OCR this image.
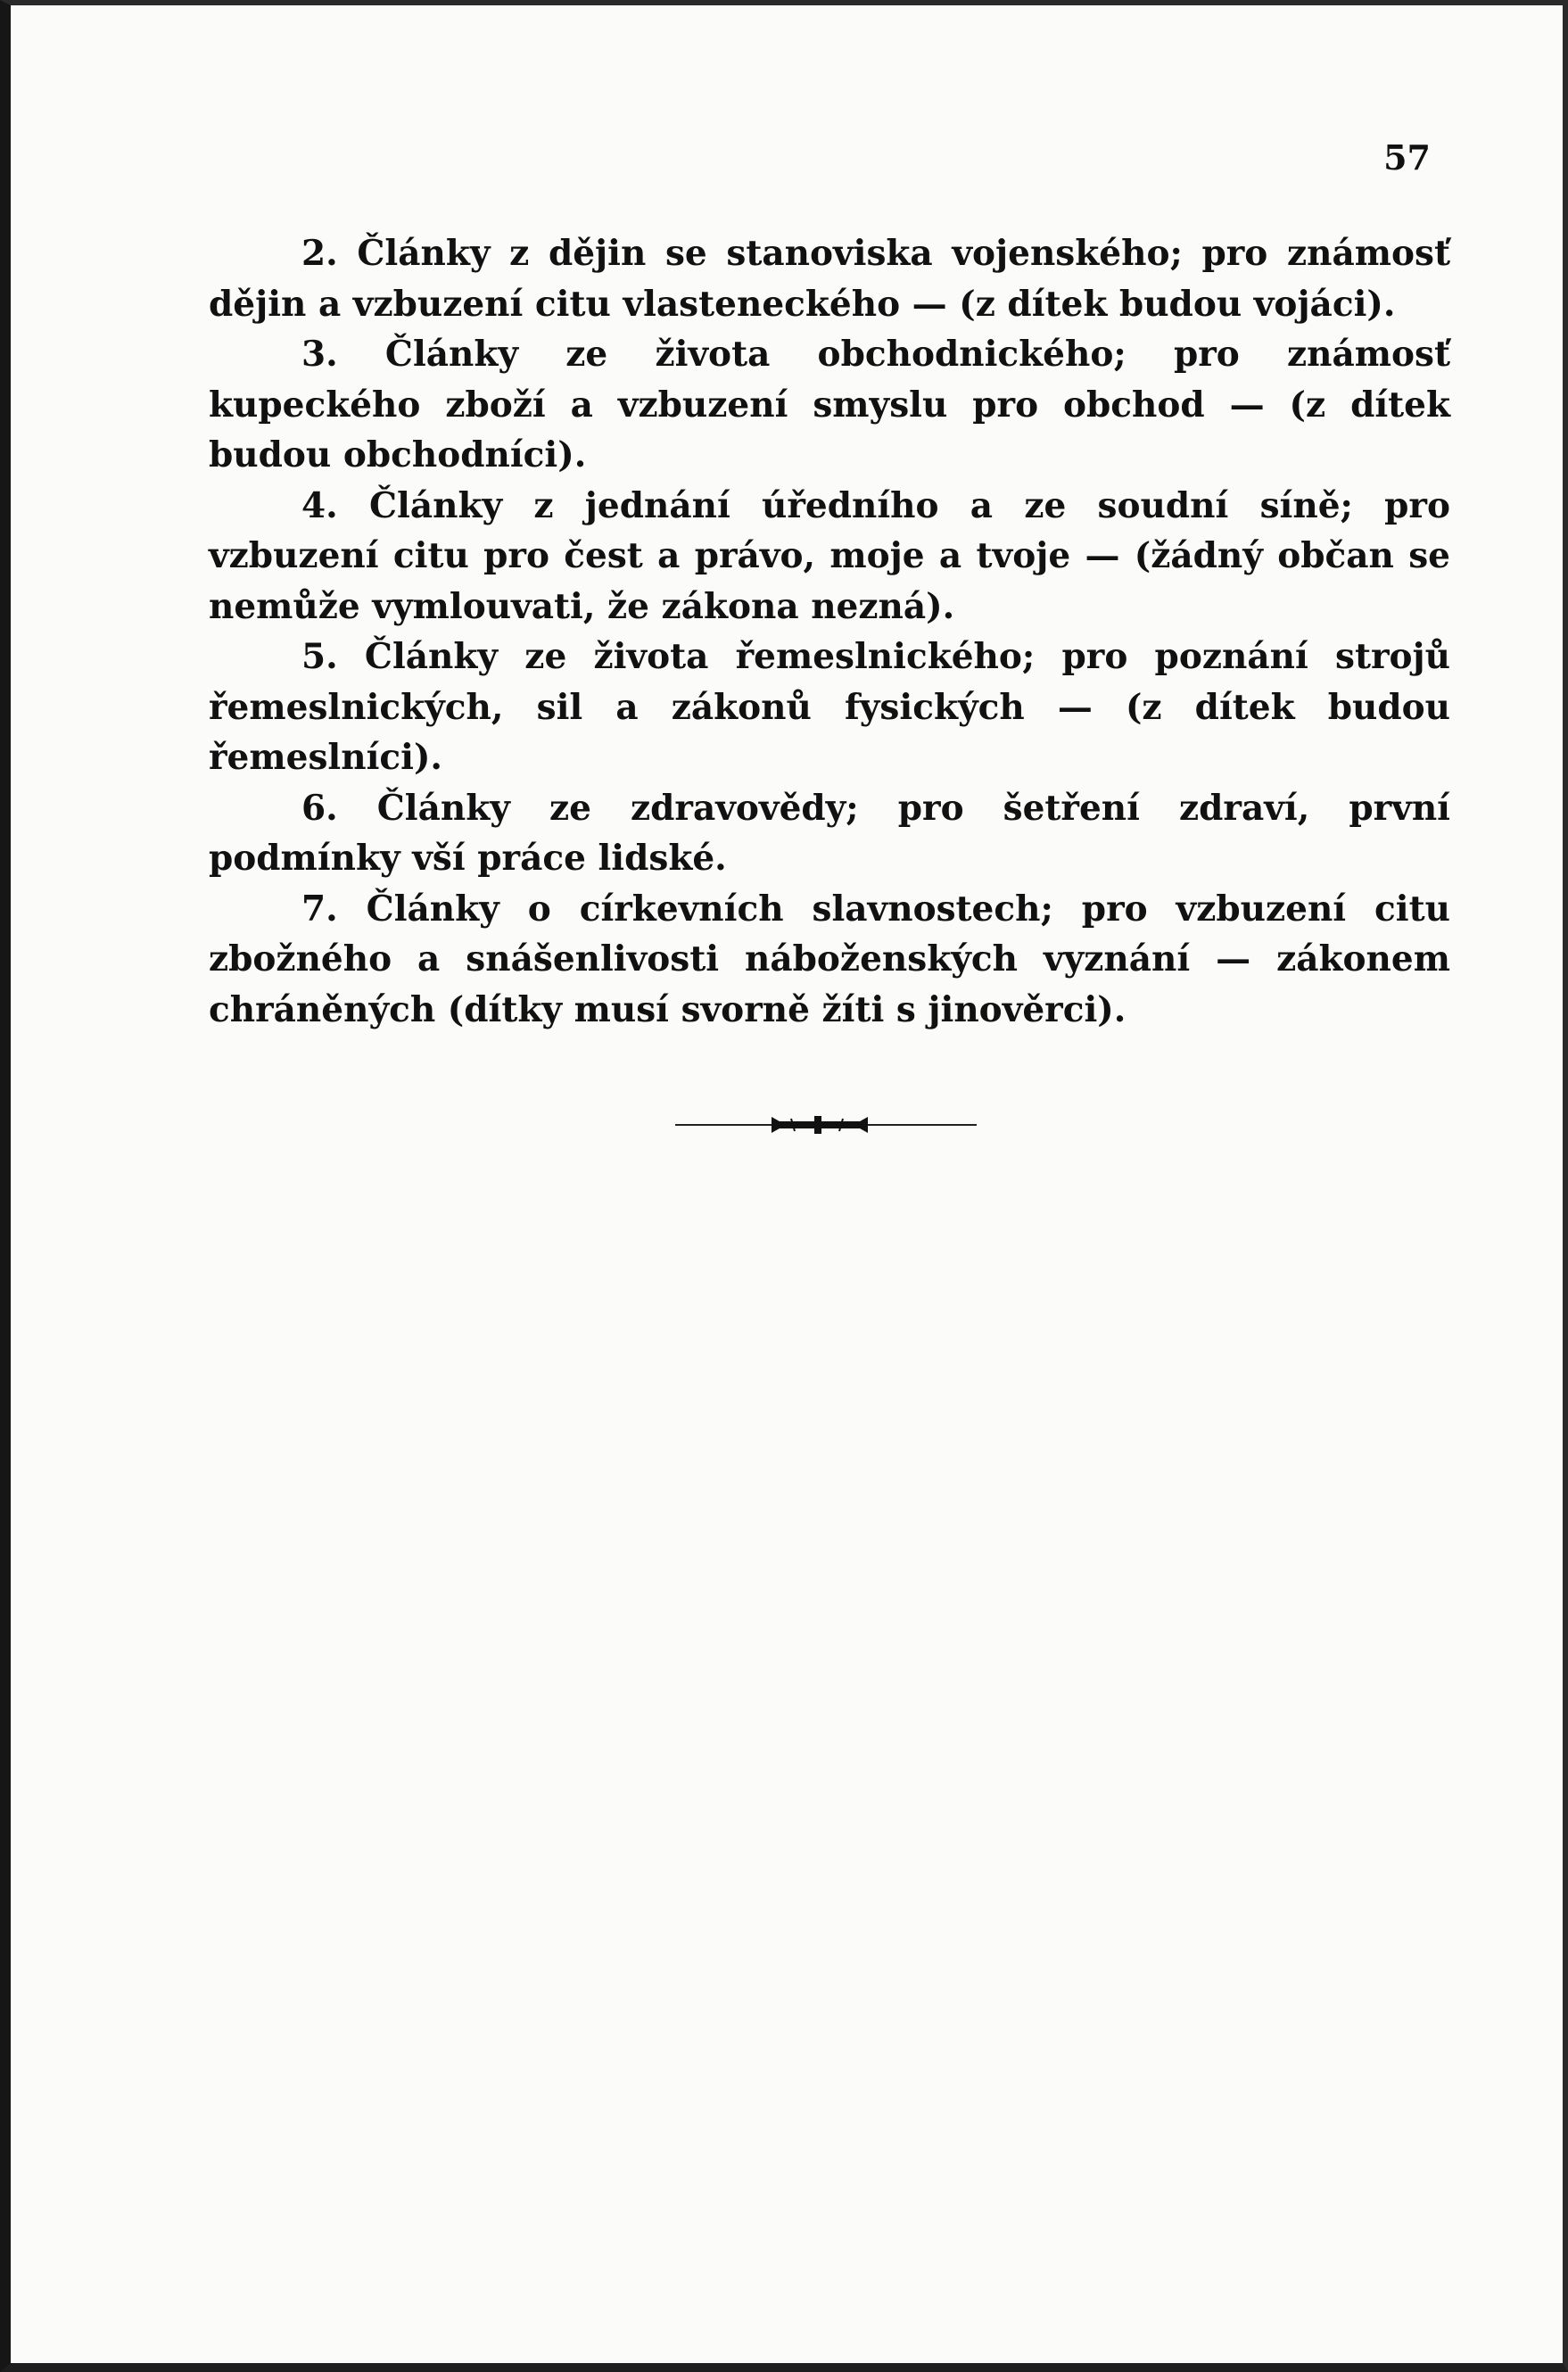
57

2. Články z dějin se stanoviska vojenského; pro známosť dějin a vzbuzení citu vlasteneckého — (z dítek budou vojáci).

3. Články ze života obchodnického; pro známosť kupeckého zboží a vzbuzení smyslu pro obchod — (z dítek budou obchodníci).

4. Články z jednání úředního a ze soudní síně; pro vzbuzení citu pro čest a právo, moje a tvoje — (žádný občan se nemůže vymlouvati, že zákona nezná).

5. Články ze života řemeslnického; pro poznání strojů řemeslnických, sil a zákonů fysických — (z dítek budou řemeslníci).

6. Články ze zdravovědy; pro šetření zdraví, první podmínky vší práce lidské.

7. Články o církevních slavnostech; pro vzbuzení citu zbožného a snášenlivosti náboženských vyznání — zákonem chráněných (dítky musí svorně žíti s jinověrci).
